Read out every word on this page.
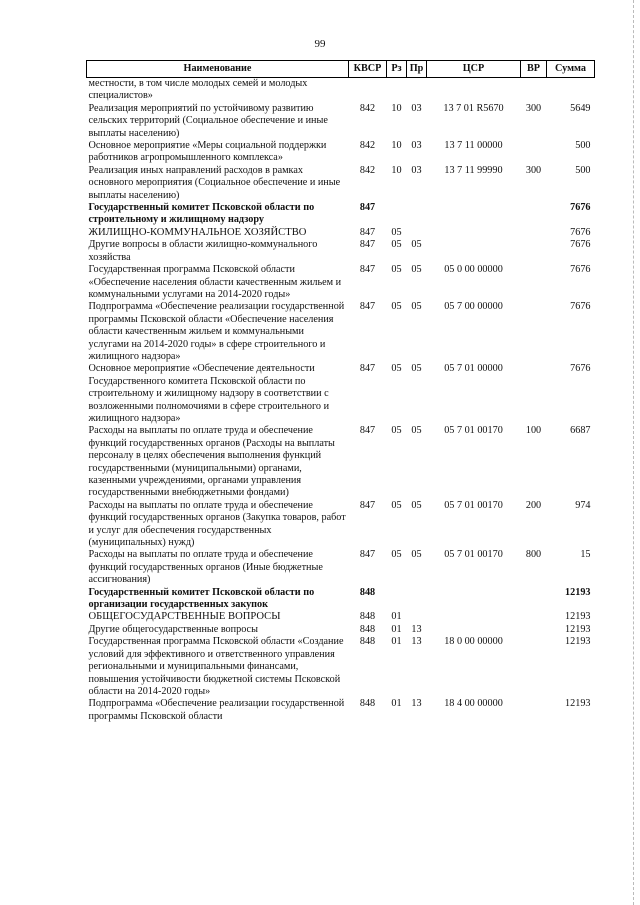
99
Наименование	КВСР	Рз	Пр	ЦСР	ВР	Сумма
местности, в том числе молодых семей и молодых специалистов»						
Реализация мероприятий по устойчивому развитию сельских территорий (Социальное обеспечение и иные выплаты населению)	842	10	03	13 7 01 R5670	300	5649
Основное мероприятие «Меры социальной поддержки работников агропромышленного комплекса»	842	10	03	13 7 11 00000		500
Реализация иных направлений расходов в рамках основного мероприятия (Социальное обеспечение и иные выплаты населению)	842	10	03	13 7 11 99990	300	500
Государственный комитет Псковской области по строительному и жилищному надзору	847					7676
ЖИЛИЩНО-КОММУНАЛЬНОЕ ХОЗЯЙСТВО	847	05				7676
Другие вопросы в области жилищно-коммунального хозяйства	847	05	05			7676
Государственная программа Псковской области «Обеспечение населения области качественным жильем и коммунальными услугами на 2014-2020 годы»	847	05	05	05 0 00 00000		7676
Подпрограмма «Обеспечение реализации государственной программы Псковской области «Обеспечение населения области качественным жильем и коммунальными услугами на 2014-2020 годы» в сфере строительного и жилищного надзора»	847	05	05	05 7 00 00000		7676
Основное мероприятие «Обеспечение деятельности Государственного комитета Псковской области по строительному и жилищному надзору в соответствии с возложенными полномочиями в сфере строительного и жилищного надзора»	847	05	05	05 7 01 00000		7676
Расходы на выплаты по оплате труда и обеспечение функций государственных органов (Расходы на выплаты персоналу в целях обеспечения выполнения функций государственными (муниципальными) органами, казенными учреждениями, органами управления государственными внебюджетными фондами)	847	05	05	05 7 01 00170	100	6687
Расходы на выплаты по оплате труда и обеспечение функций государственных органов (Закупка товаров, работ и услуг для обеспечения государственных (муниципальных) нужд)	847	05	05	05 7 01 00170	200	974
Расходы на выплаты по оплате труда и обеспечение функций государственных органов (Иные бюджетные ассигнования)	847	05	05	05 7 01 00170	800	15
Государственный комитет Псковской области по организации государственных закупок	848					12193
ОБЩЕГОСУДАРСТВЕННЫЕ ВОПРОСЫ	848	01				12193
Другие общегосударственные вопросы	848	01	13			12193
Государственная программа Псковской области «Создание условий для эффективного и ответственного управления региональными и муниципальными финансами, повышения устойчивости бюджетной системы Псковской области на 2014-2020 годы»	848	01	13	18 0 00 00000		12193
Подпрограмма «Обеспечение реализации государственной программы Псковской области	848	01	13	18 4 00 00000		12193
